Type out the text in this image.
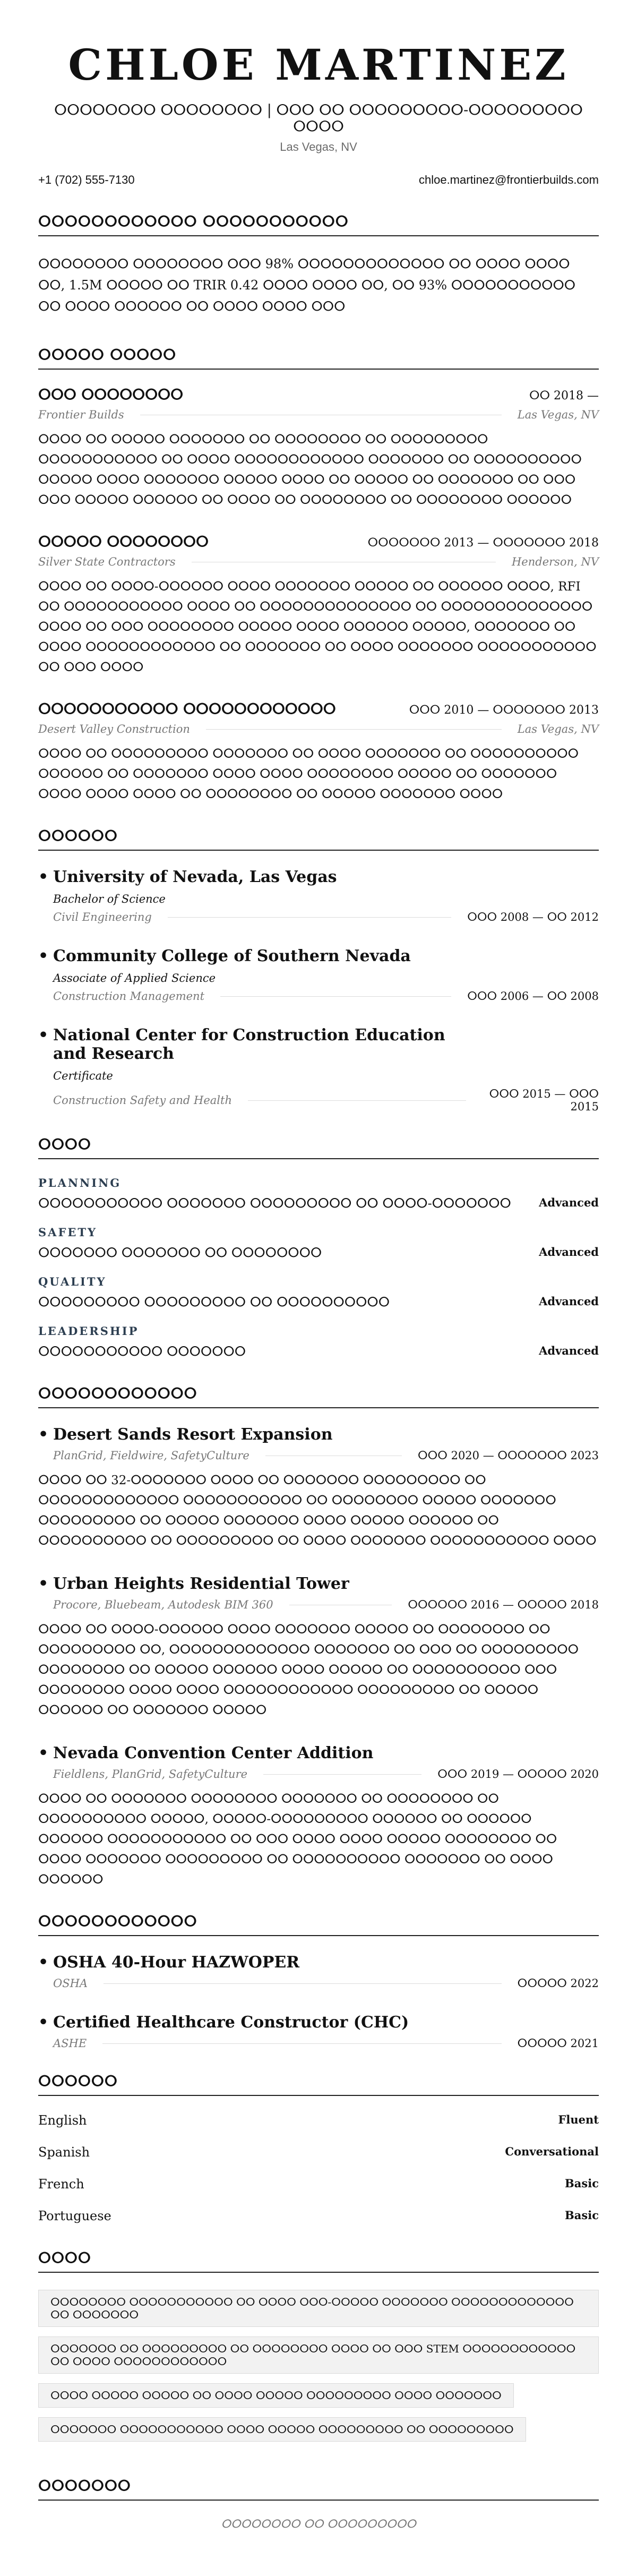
CHLOE MARTINEZ
ⵔⵔⵔⵔⵔⵔⵔⵔ ⵔⵔⵔⵔⵔⵔⵔⵔ | ⵔⵔⵔ ⵔⵔ ⵔⵔⵔⵔⵔⵔⵔⵔⵔ-ⵔⵔⵔⵔⵔⵔⵔⵔⵔ ⵔⵔⵔⵔ
Las Vegas, NV
+1 (702) 555-7130	chloe.martinez@frontierbuilds.com
ⵔⵔⵔⵔⵔⵔⵔⵔⵔⵔⵔⵔ ⵔⵔⵔⵔⵔⵔⵔⵔⵔⵔⵔ
ⵔⵔⵔⵔⵔⵔⵔⵔ ⵔⵔⵔⵔⵔⵔⵔⵔ ⵔⵔⵔ 98% ⵔⵔⵔⵔⵔⵔⵔⵔⵔⵔⵔⵔⵔ ⵔⵔ ⵔⵔⵔⵔ ⵔⵔⵔⵔ ⵔⵔ, 1.5M ⵔⵔⵔⵔⵔ ⵔⵔ TRIR 0.42 ⵔⵔⵔⵔ ⵔⵔⵔⵔ ⵔⵔ, ⵔⵔ 93% ⵔⵔⵔⵔⵔⵔⵔⵔⵔⵔⵔ ⵔⵔ ⵔⵔⵔⵔ ⵔⵔⵔⵔⵔⵔ ⵔⵔ ⵔⵔⵔⵔ ⵔⵔⵔⵔ ⵔⵔⵔ
ⵔⵔⵔⵔⵔ ⵔⵔⵔⵔⵔ
ⵔⵔⵔ ⵔⵔⵔⵔⵔⵔⵔⵔ	ⵔⵔ 2018 —
Frontier Builds	Las Vegas, NV
ⵔⵔⵔⵔ ⵔⵔ ⵔⵔⵔⵔⵔ ⵔⵔⵔⵔⵔⵔⵔ ⵔⵔ ⵔⵔⵔⵔⵔⵔⵔⵔ ⵔⵔ ⵔⵔⵔⵔⵔⵔⵔⵔⵔ ⵔⵔⵔⵔⵔⵔⵔⵔⵔⵔⵔ ⵔⵔ ⵔⵔⵔⵔ ⵔⵔⵔⵔⵔⵔⵔⵔⵔⵔⵔⵔ ⵔⵔⵔⵔⵔⵔⵔ ⵔⵔ ⵔⵔⵔⵔⵔⵔⵔⵔⵔⵔ ⵔⵔⵔⵔⵔ ⵔⵔⵔⵔ ⵔⵔⵔⵔⵔⵔⵔ ⵔⵔⵔⵔⵔ ⵔⵔⵔⵔ ⵔⵔ ⵔⵔⵔⵔⵔ ⵔⵔ ⵔⵔⵔⵔⵔⵔⵔ ⵔⵔ ⵔⵔⵔ ⵔⵔⵔ ⵔⵔⵔⵔⵔ ⵔⵔⵔⵔⵔⵔ ⵔⵔ ⵔⵔⵔⵔ ⵔⵔ ⵔⵔⵔⵔⵔⵔⵔⵔ ⵔⵔ ⵔⵔⵔⵔⵔⵔⵔⵔ ⵔⵔⵔⵔⵔⵔ
ⵔⵔⵔⵔⵔ ⵔⵔⵔⵔⵔⵔⵔⵔ	ⵔⵔⵔⵔⵔⵔⵔ 2013 — ⵔⵔⵔⵔⵔⵔⵔ 2018
Silver State Contractors	Henderson, NV
ⵔⵔⵔⵔ ⵔⵔ ⵔⵔⵔⵔ-ⵔⵔⵔⵔⵔⵔ ⵔⵔⵔⵔ ⵔⵔⵔⵔⵔⵔⵔ ⵔⵔⵔⵔⵔ ⵔⵔ ⵔⵔⵔⵔⵔⵔ ⵔⵔⵔⵔ, RFI ⵔⵔ ⵔⵔⵔⵔⵔⵔⵔⵔⵔⵔⵔ ⵔⵔⵔⵔ ⵔⵔ ⵔⵔⵔⵔⵔⵔⵔⵔⵔⵔⵔⵔⵔⵔ ⵔⵔ ⵔⵔⵔⵔⵔⵔⵔⵔⵔⵔⵔⵔⵔⵔ ⵔⵔⵔⵔ ⵔⵔ ⵔⵔⵔ ⵔⵔⵔⵔⵔⵔⵔⵔ ⵔⵔⵔⵔⵔ ⵔⵔⵔⵔ ⵔⵔⵔⵔⵔⵔ ⵔⵔⵔⵔⵔ, ⵔⵔⵔⵔⵔⵔⵔ ⵔⵔ ⵔⵔⵔⵔ ⵔⵔⵔⵔⵔⵔⵔⵔⵔⵔⵔⵔ ⵔⵔ ⵔⵔⵔⵔⵔⵔⵔ ⵔⵔ ⵔⵔⵔⵔ ⵔⵔⵔⵔⵔⵔⵔ ⵔⵔⵔⵔⵔⵔⵔⵔⵔⵔⵔ ⵔⵔ ⵔⵔⵔ ⵔⵔⵔⵔ
ⵔⵔⵔⵔⵔⵔⵔⵔⵔⵔⵔ ⵔⵔⵔⵔⵔⵔⵔⵔⵔⵔⵔⵔ	ⵔⵔⵔ 2010 — ⵔⵔⵔⵔⵔⵔⵔ 2013
Desert Valley Construction	Las Vegas, NV
ⵔⵔⵔⵔ ⵔⵔ ⵔⵔⵔⵔⵔⵔⵔⵔⵔ ⵔⵔⵔⵔⵔⵔⵔ ⵔⵔ ⵔⵔⵔⵔ ⵔⵔⵔⵔⵔⵔⵔ ⵔⵔ ⵔⵔⵔⵔⵔⵔⵔⵔⵔⵔ ⵔⵔⵔⵔⵔⵔ ⵔⵔ ⵔⵔⵔⵔⵔⵔⵔ ⵔⵔⵔⵔ ⵔⵔⵔⵔ ⵔⵔⵔⵔⵔⵔⵔⵔ ⵔⵔⵔⵔⵔ ⵔⵔ ⵔⵔⵔⵔⵔⵔⵔ ⵔⵔⵔⵔ ⵔⵔⵔⵔ ⵔⵔⵔⵔ ⵔⵔ ⵔⵔⵔⵔⵔⵔⵔⵔ ⵔⵔ ⵔⵔⵔⵔⵔ ⵔⵔⵔⵔⵔⵔⵔ ⵔⵔⵔⵔ
ⵔⵔⵔⵔⵔⵔ
• University of Nevada, Las Vegas
Bachelor of Science
Civil Engineering	ⵔⵔⵔ 2008 — ⵔⵔ 2012
• Community College of Southern Nevada
Associate of Applied Science
Construction Management	ⵔⵔⵔ 2006 — ⵔⵔ 2008
• National Center for Construction Education and Research
Certificate
Construction Safety and Health	ⵔⵔⵔ 2015 — ⵔⵔⵔ 2015
ⵔⵔⵔⵔ
PLANNING
ⵔⵔⵔⵔⵔⵔⵔⵔⵔⵔⵔ ⵔⵔⵔⵔⵔⵔⵔ ⵔⵔⵔⵔⵔⵔⵔⵔⵔ ⵔⵔ ⵔⵔⵔⵔ-ⵔⵔⵔⵔⵔⵔⵔ Advanced
SAFETY
ⵔⵔⵔⵔⵔⵔⵔ ⵔⵔⵔⵔⵔⵔⵔ ⵔⵔ ⵔⵔⵔⵔⵔⵔⵔⵔ	Advanced
QUALITY
ⵔⵔⵔⵔⵔⵔⵔⵔⵔ ⵔⵔⵔⵔⵔⵔⵔⵔⵔ ⵔⵔ ⵔⵔⵔⵔⵔⵔⵔⵔⵔⵔ	Advanced
LEADERSHIP
ⵔⵔⵔⵔⵔⵔⵔⵔⵔⵔⵔ ⵔⵔⵔⵔⵔⵔⵔ	Advanced
ⵔⵔⵔⵔⵔⵔⵔⵔⵔⵔⵔⵔ
• Desert Sands Resort Expansion
PlanGrid, Fieldwire, SafetyCulture	ⵔⵔⵔ 2020 — ⵔⵔⵔⵔⵔⵔⵔ 2023
ⵔⵔⵔⵔ ⵔⵔ 32-ⵔⵔⵔⵔⵔⵔⵔ ⵔⵔⵔⵔ ⵔⵔ ⵔⵔⵔⵔⵔⵔⵔ ⵔⵔⵔⵔⵔⵔⵔⵔⵔ ⵔⵔ ⵔⵔⵔⵔⵔⵔⵔⵔⵔⵔⵔⵔⵔ ⵔⵔⵔⵔⵔⵔⵔⵔⵔⵔⵔ ⵔⵔ ⵔⵔⵔⵔⵔⵔⵔⵔ ⵔⵔⵔⵔⵔ ⵔⵔⵔⵔⵔⵔⵔ ⵔⵔⵔⵔⵔⵔⵔⵔⵔ ⵔⵔ ⵔⵔⵔⵔⵔ ⵔⵔⵔⵔⵔⵔⵔ ⵔⵔⵔⵔ ⵔⵔⵔⵔⵔ ⵔⵔⵔⵔⵔⵔ ⵔⵔ ⵔⵔⵔⵔⵔⵔⵔⵔⵔⵔ ⵔⵔ ⵔⵔⵔⵔⵔⵔⵔⵔⵔ ⵔⵔ ⵔⵔⵔⵔ ⵔⵔⵔⵔⵔⵔⵔ ⵔⵔⵔⵔⵔⵔⵔⵔⵔⵔⵔ ⵔⵔⵔⵔ
• Urban Heights Residential Tower
Procore, Bluebeam, Autodesk BIM 360	ⵔⵔⵔⵔⵔⵔ 2016 — ⵔⵔⵔⵔⵔ 2018
ⵔⵔⵔⵔ ⵔⵔ ⵔⵔⵔⵔ-ⵔⵔⵔⵔⵔⵔ ⵔⵔⵔⵔ ⵔⵔⵔⵔⵔⵔⵔ ⵔⵔⵔⵔⵔ ⵔⵔ ⵔⵔⵔⵔⵔⵔⵔⵔ ⵔⵔ ⵔⵔⵔⵔⵔⵔⵔⵔⵔ ⵔⵔ, ⵔⵔⵔⵔⵔⵔⵔⵔⵔⵔⵔⵔⵔ ⵔⵔⵔⵔⵔⵔⵔ ⵔⵔ ⵔⵔⵔ ⵔⵔ ⵔⵔⵔⵔⵔⵔⵔⵔⵔ ⵔⵔⵔⵔⵔⵔⵔⵔ ⵔⵔ ⵔⵔⵔⵔⵔ ⵔⵔⵔⵔⵔⵔ ⵔⵔⵔⵔ ⵔⵔⵔⵔⵔ ⵔⵔ ⵔⵔⵔⵔⵔⵔⵔⵔⵔⵔ ⵔⵔⵔ ⵔⵔⵔⵔⵔⵔⵔⵔ ⵔⵔⵔⵔ ⵔⵔⵔⵔ ⵔⵔⵔⵔⵔⵔⵔⵔⵔⵔⵔⵔ ⵔⵔⵔⵔⵔⵔⵔⵔⵔ ⵔⵔ ⵔⵔⵔⵔⵔ ⵔⵔⵔⵔⵔⵔ ⵔⵔ ⵔⵔⵔⵔⵔⵔⵔ ⵔⵔⵔⵔⵔ
• Nevada Convention Center Addition
Fieldlens, PlanGrid, SafetyCulture	ⵔⵔⵔ 2019 — ⵔⵔⵔⵔⵔ 2020
ⵔⵔⵔⵔ ⵔⵔ ⵔⵔⵔⵔⵔⵔⵔ ⵔⵔⵔⵔⵔⵔⵔⵔ ⵔⵔⵔⵔⵔⵔⵔ ⵔⵔ ⵔⵔⵔⵔⵔⵔⵔⵔ ⵔⵔ ⵔⵔⵔⵔⵔⵔⵔⵔⵔⵔ ⵔⵔⵔⵔⵔ, ⵔⵔⵔⵔⵔ-ⵔⵔⵔⵔⵔⵔⵔⵔⵔ ⵔⵔⵔⵔⵔⵔ ⵔⵔ ⵔⵔⵔⵔⵔⵔ ⵔⵔⵔⵔⵔⵔ ⵔⵔⵔⵔⵔⵔⵔⵔⵔⵔⵔ ⵔⵔ ⵔⵔⵔ ⵔⵔⵔⵔ ⵔⵔⵔⵔ ⵔⵔⵔⵔⵔ ⵔⵔⵔⵔⵔⵔⵔⵔ ⵔⵔ ⵔⵔⵔⵔ ⵔⵔⵔⵔⵔⵔⵔ ⵔⵔⵔⵔⵔⵔⵔⵔⵔ ⵔⵔ ⵔⵔⵔⵔⵔⵔⵔⵔⵔⵔ ⵔⵔⵔⵔⵔⵔⵔ ⵔⵔ ⵔⵔⵔⵔ ⵔⵔⵔⵔⵔⵔ
ⵔⵔⵔⵔⵔⵔⵔⵔⵔⵔⵔⵔ
• OSHA 40-Hour HAZWOPER
OSHA	ⵔⵔⵔⵔⵔ 2022
• Certified Healthcare Constructor (CHC)
ASHE	ⵔⵔⵔⵔⵔ 2021
ⵔⵔⵔⵔⵔⵔ
English	Fluent
Spanish	Conversational
French	Basic
Portuguese	Basic
ⵔⵔⵔⵔ
ⵔⵔⵔⵔⵔⵔⵔⵔ ⵔⵔⵔⵔⵔⵔⵔⵔⵔⵔⵔ ⵔⵔ ⵔⵔⵔⵔ ⵔⵔⵔ-ⵔⵔⵔⵔⵔ ⵔⵔⵔⵔⵔⵔⵔ ⵔⵔⵔⵔⵔⵔⵔⵔⵔⵔⵔⵔⵔ ⵔⵔ ⵔⵔⵔⵔⵔⵔⵔ
ⵔⵔⵔⵔⵔⵔⵔ ⵔⵔ ⵔⵔⵔⵔⵔⵔⵔⵔⵔ ⵔⵔ ⵔⵔⵔⵔⵔⵔⵔⵔ ⵔⵔⵔⵔ ⵔⵔ ⵔⵔⵔ STEM ⵔⵔⵔⵔⵔⵔⵔⵔⵔⵔⵔⵔ ⵔⵔ ⵔⵔⵔⵔ ⵔⵔⵔⵔⵔⵔⵔⵔⵔⵔⵔⵔ
ⵔⵔⵔⵔ ⵔⵔⵔⵔⵔ ⵔⵔⵔⵔⵔ ⵔⵔ ⵔⵔⵔⵔ ⵔⵔⵔⵔⵔ ⵔⵔⵔⵔⵔⵔⵔⵔⵔ ⵔⵔⵔⵔ ⵔⵔⵔⵔⵔⵔⵔ
ⵔⵔⵔⵔⵔⵔⵔ ⵔⵔⵔⵔⵔⵔⵔⵔⵔⵔⵔ ⵔⵔⵔⵔ ⵔⵔⵔⵔⵔ ⵔⵔⵔⵔⵔⵔⵔⵔⵔ ⵔⵔ ⵔⵔⵔⵔⵔⵔⵔⵔⵔ
ⵔⵔⵔⵔⵔⵔⵔ
ⵔⵔⵔⵔⵔⵔⵔⵔ ⵔⵔ ⵔⵔⵔⵔⵔⵔⵔⵔⵔ
